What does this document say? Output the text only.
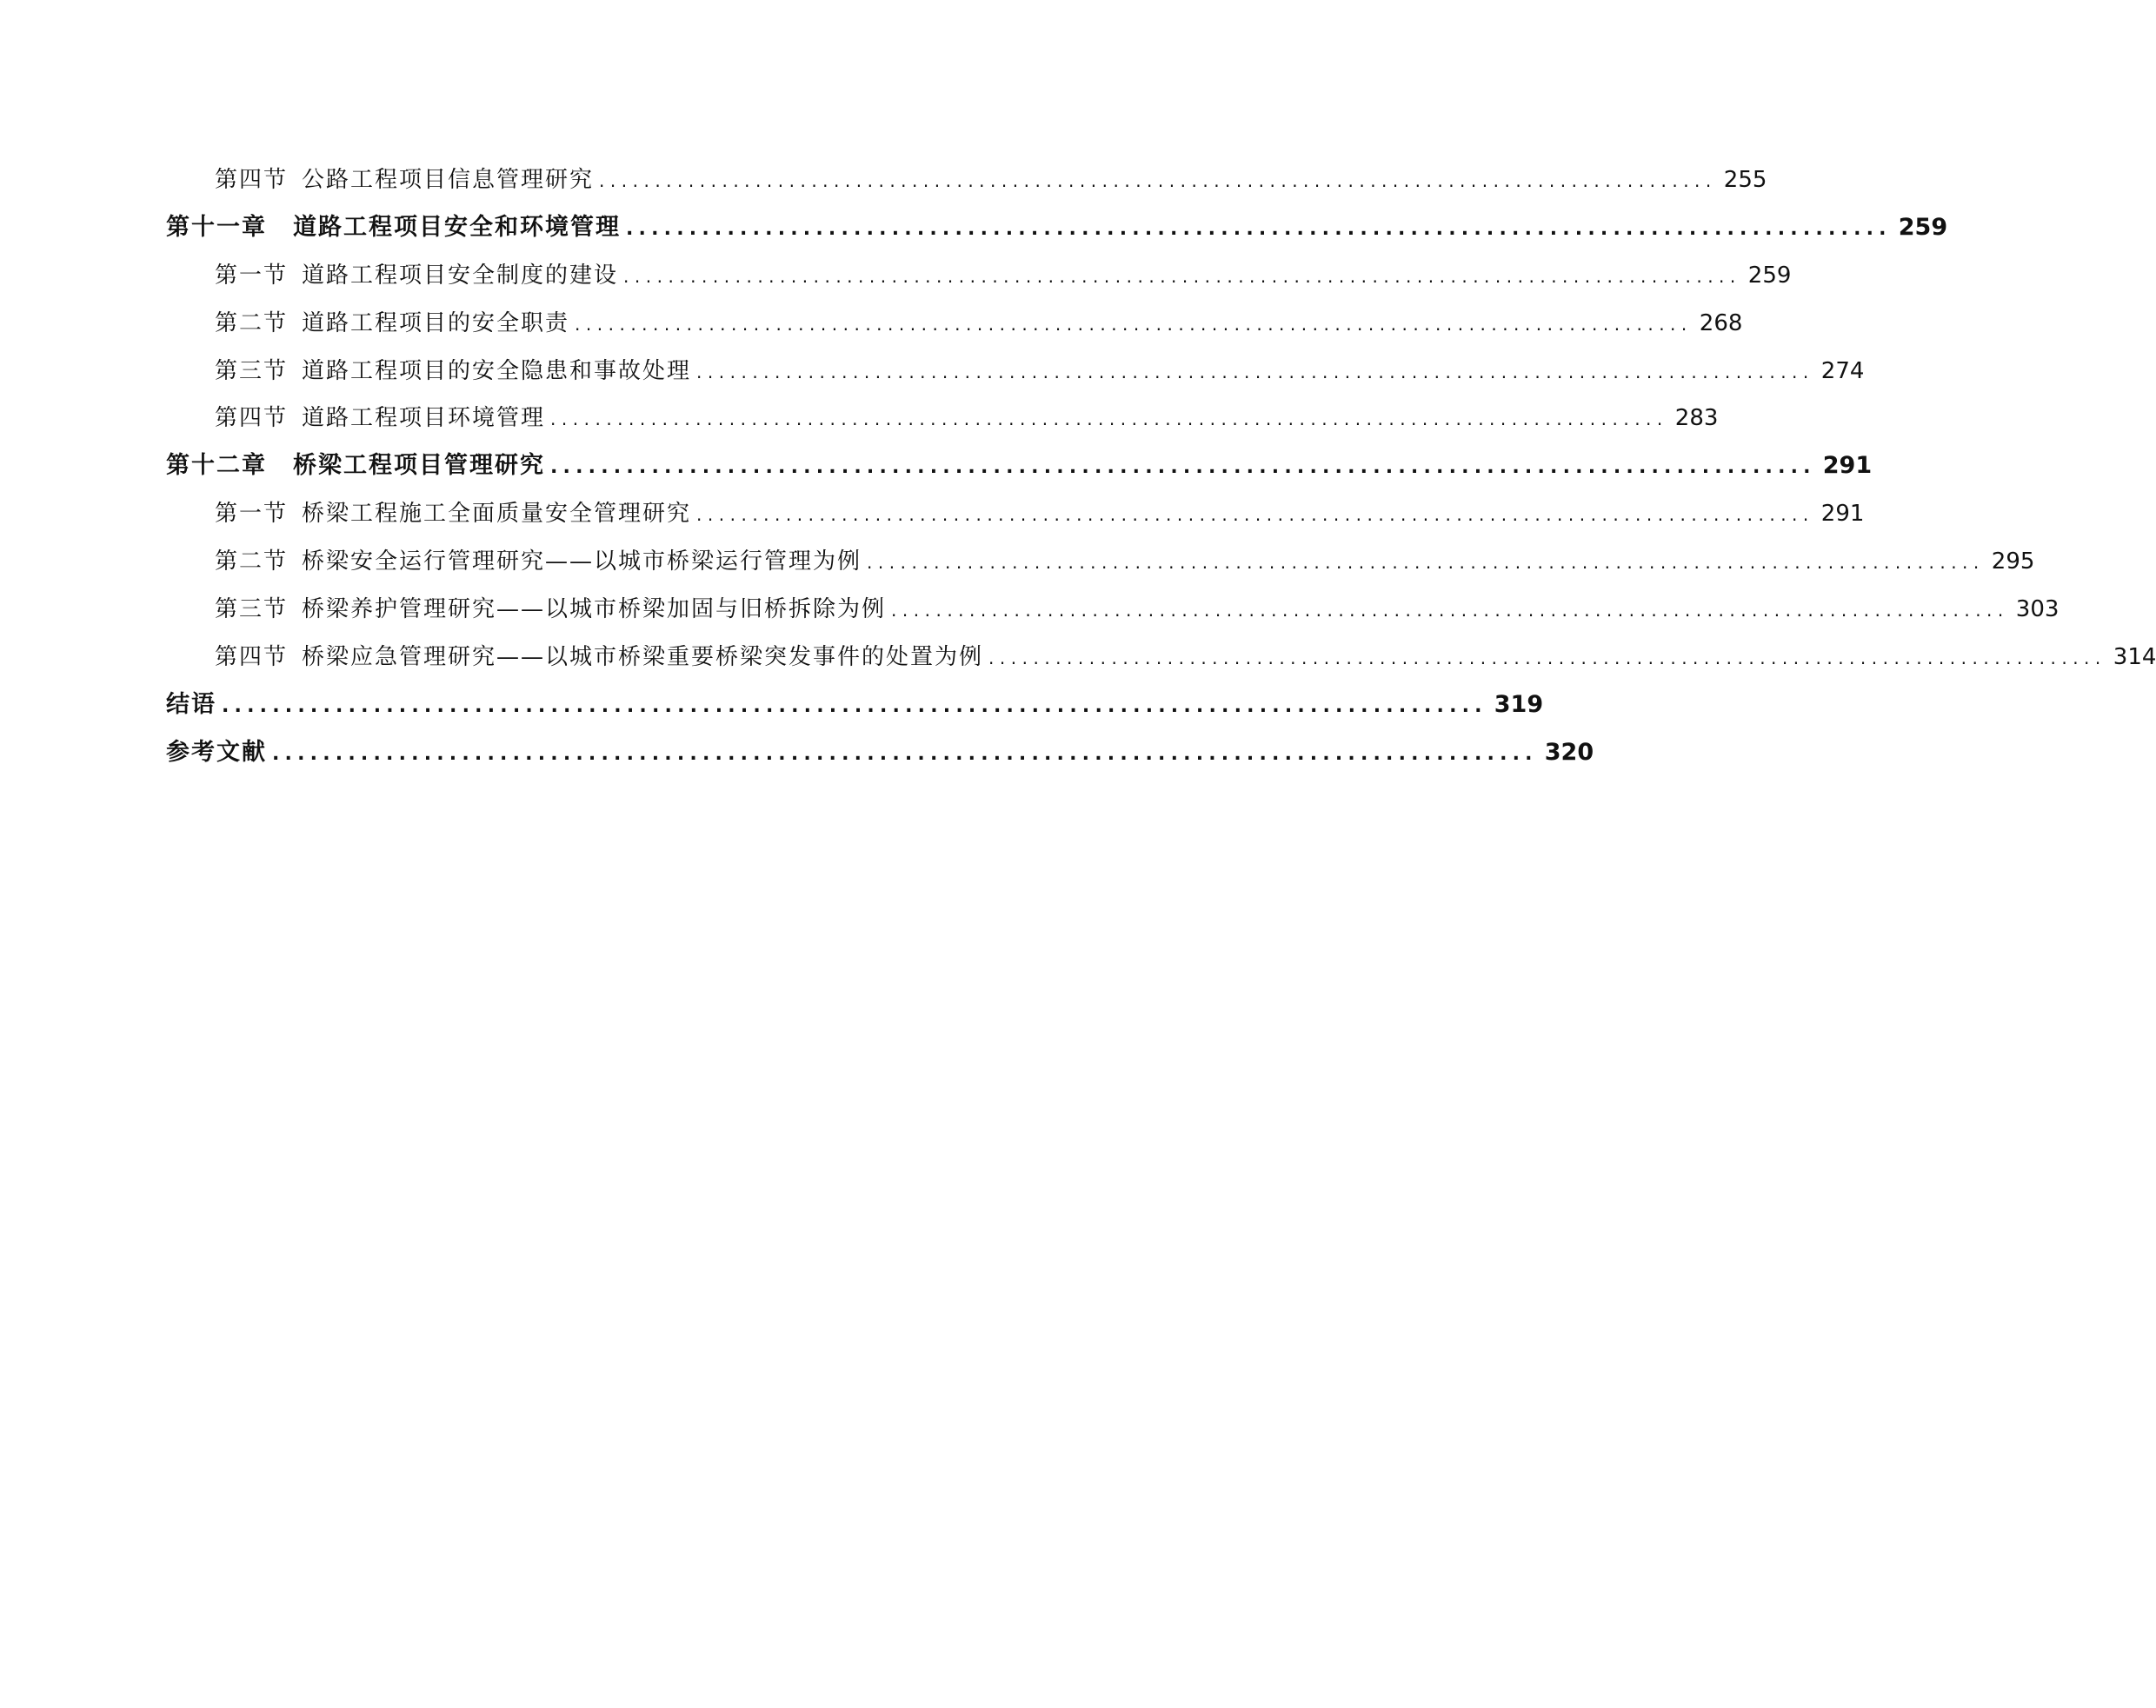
第四节 公路工程项目信息管理研究 .................................................................................................... 255
第十一章 道路工程项目安全和环境管理 .................................................................................................... 259
第一节 道路工程项目安全制度的建设 .................................................................................................... 259
第二节 道路工程项目的安全职责 .................................................................................................... 268
第三节 道路工程项目的安全隐患和事故处理 .................................................................................................... 274
第四节 道路工程项目环境管理 .................................................................................................... 283
第十二章 桥梁工程项目管理研究 .................................................................................................... 291
第一节 桥梁工程施工全面质量安全管理研究 .................................................................................................... 291
第二节 桥梁安全运行管理研究——以城市桥梁运行管理为例 .................................................................................................... 295
第三节 桥梁养护管理研究——以城市桥梁加固与旧桥拆除为例 .................................................................................................... 303
第四节 桥梁应急管理研究——以城市桥梁重要桥梁突发事件的处置为例 .................................................................................................... 314
结语 .................................................................................................... 319
参考文献 .................................................................................................... 320
